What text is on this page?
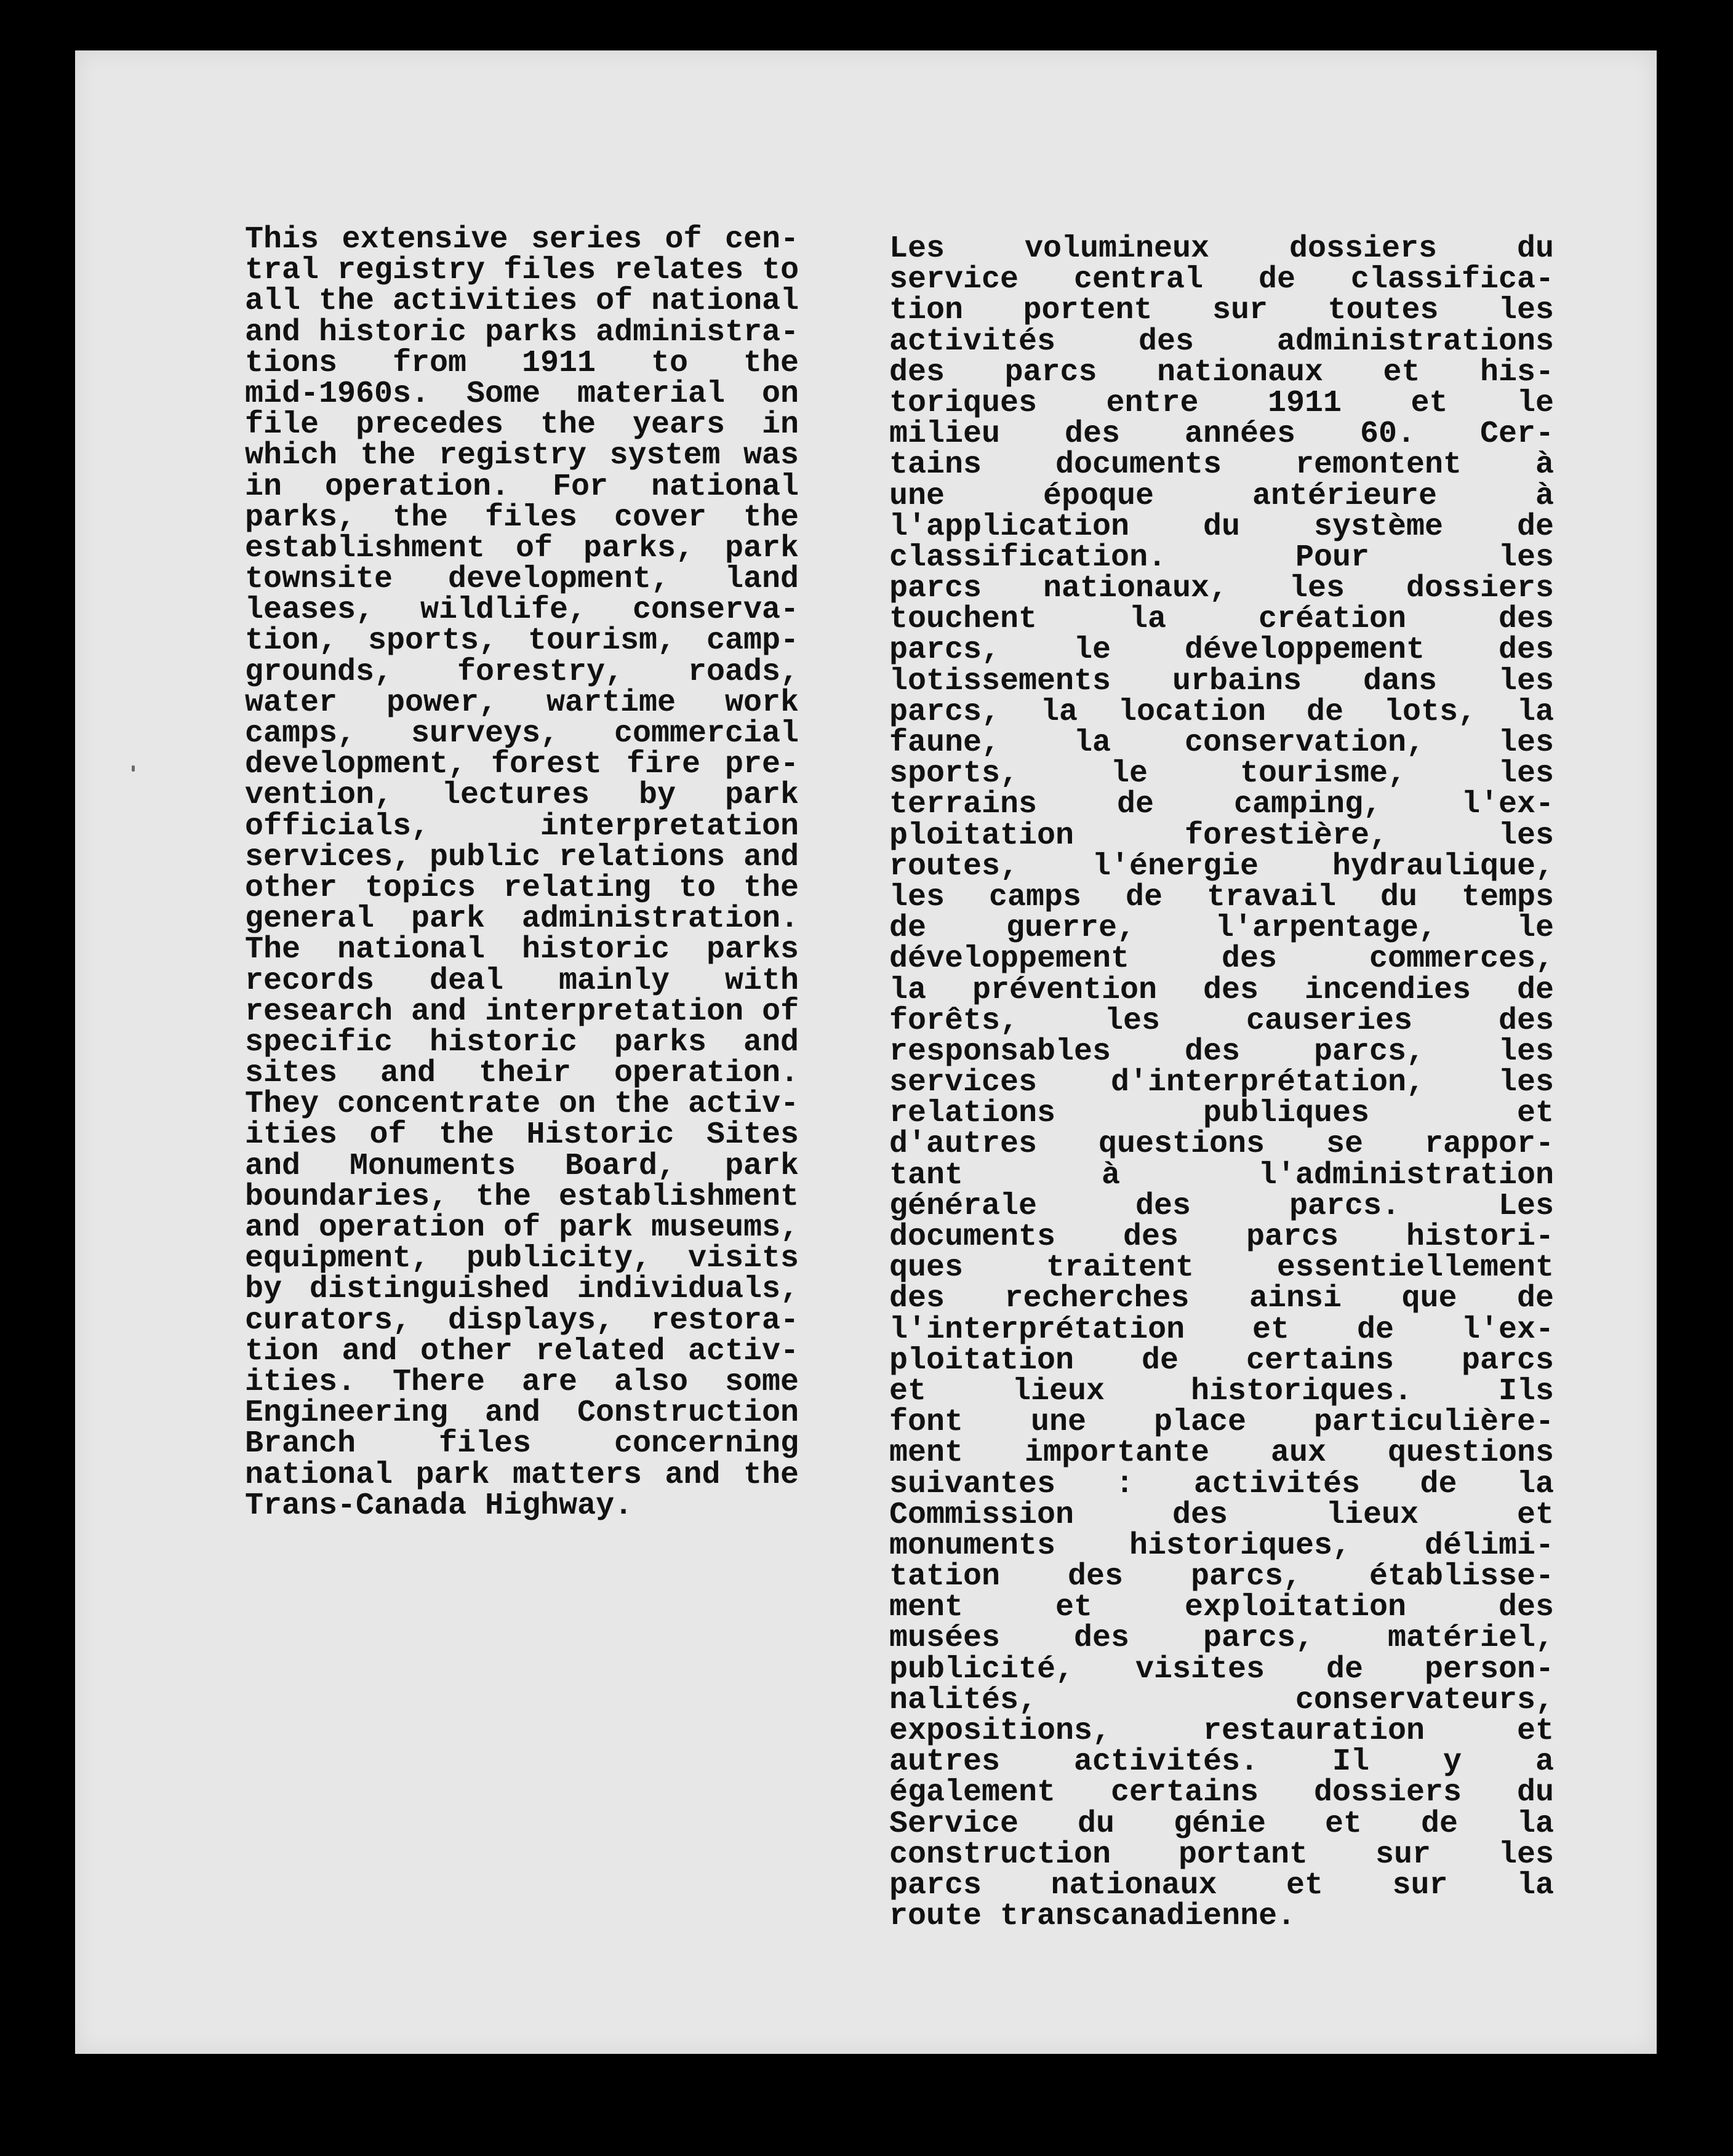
This extensive series of cen-
tral registry files relates to
all the activities of national
and historic parks administra-
tions from 1911 to the
mid-1960s. Some material on
file precedes the years in
which the registry system was
in operation. For national
parks, the files cover the
establishment of parks, park
townsite development, land
leases, wildlife, conserva-
tion, sports, tourism, camp-
grounds, forestry, roads,
water power, wartime work
camps, surveys, commercial
development, forest fire pre-
vention, lectures by park
officials, interpretation
services, public relations and
other topics relating to the
general park administration.
The national historic parks
records deal mainly with
research and interpretation of
specific historic parks and
sites and their operation.
They concentrate on the activ-
ities of the Historic Sites
and Monuments Board, park
boundaries, the establishment
and operation of park museums,
equipment, publicity, visits
by distinguished individuals,
curators, displays, restora-
tion and other related activ-
ities. There are also some
Engineering and Construction
Branch files concerning
national park matters and the
Trans-Canada Highway.
Les volumineux dossiers du
service central de classifica-
tion portent sur toutes les
activités des administrations
des parcs nationaux et his-
toriques entre 1911 et le
milieu des années 60. Cer-
tains documents remontent à
une époque antérieure à
l'application du système de
classification. Pour les
parcs nationaux, les dossiers
touchent la création des
parcs, le développement des
lotissements urbains dans les
parcs, la location de lots, la
faune, la conservation, les
sports, le tourisme, les
terrains de camping, l'ex-
ploitation forestière, les
routes, l'énergie hydraulique,
les camps de travail du temps
de guerre, l'arpentage, le
développement des commerces,
la prévention des incendies de
forêts, les causeries des
responsables des parcs, les
services d'interprétation, les
relations publiques et
d'autres questions se rappor-
tant à l'administration
générale des parcs. Les
documents des parcs histori-
ques traitent essentiellement
des recherches ainsi que de
l'interprétation et de l'ex-
ploitation de certains parcs
et lieux historiques. Ils
font une place particulière-
ment importante aux questions
suivantes : activités de la
Commission des lieux et
monuments historiques, délimi-
tation des parcs, établisse-
ment et exploitation des
musées des parcs, matériel,
publicité, visites de person-
nalités, conservateurs,
expositions, restauration et
autres activités. Il y a
également certains dossiers du
Service du génie et de la
construction portant sur les
parcs nationaux et sur la
route transcanadienne.
